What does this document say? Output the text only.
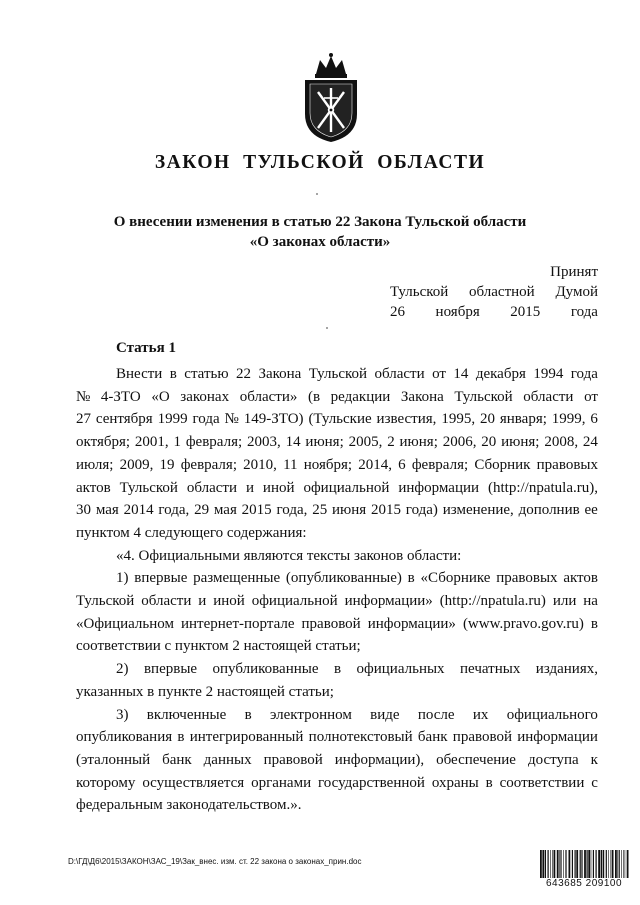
ЗАКОН ТУЛЬСКОЙ ОБЛАСТИ
О внесении изменения в статью 22 Закона Тульской области
«О законах области»
Принят
Тульской областной Думой
26 ноября 2015 года
Статья 1
Внести в статью 22 Закона Тульской области от 14 декабря 1994 года
№ 4-ЗТО «О законах области» (в редакции Закона Тульской области от
27 сентября 1999 года № 149-ЗТО) (Тульские известия, 1995, 20 января; 1999, 6
октября; 2001, 1 февраля; 2003, 14 июня; 2005, 2 июня; 2006, 20 июня; 2008, 24
июля; 2009, 19 февраля; 2010, 11 ноября; 2014, 6 февраля; Сборник правовых
актов Тульской области и иной официальной информации (http://npatula.ru),
30 мая 2014 года, 29 мая 2015 года, 25 июня 2015 года) изменение, дополнив ее
пунктом 4 следующего содержания:
«4. Официальными являются тексты законов области:
1) впервые размещенные (опубликованные) в «Сборнике правовых актов
Тульской области и иной официальной информации» (http://npatula.ru) или на
«Официальном интернет-портале правовой информации» (www.pravo.gov.ru) в
соответствии с пунктом 2 настоящей статьи;
2) впервые опубликованные в официальных печатных изданиях,
указанных в пункте 2 настоящей статьи;
3) включенные в электронном виде после их официального
опубликования в интегрированный полнотекстовый банк правовой информации
(эталонный банк данных правовой информации), обеспечение доступа к
которому осуществляется органами государственной охраны в соответствии с
федеральным законодательством.».
D:\ГД\Д6\2015\ЗАКОН\ЗАС_19\Зак_внес. изм. ст. 22 закона о законах_прин.doc
643685 209100
